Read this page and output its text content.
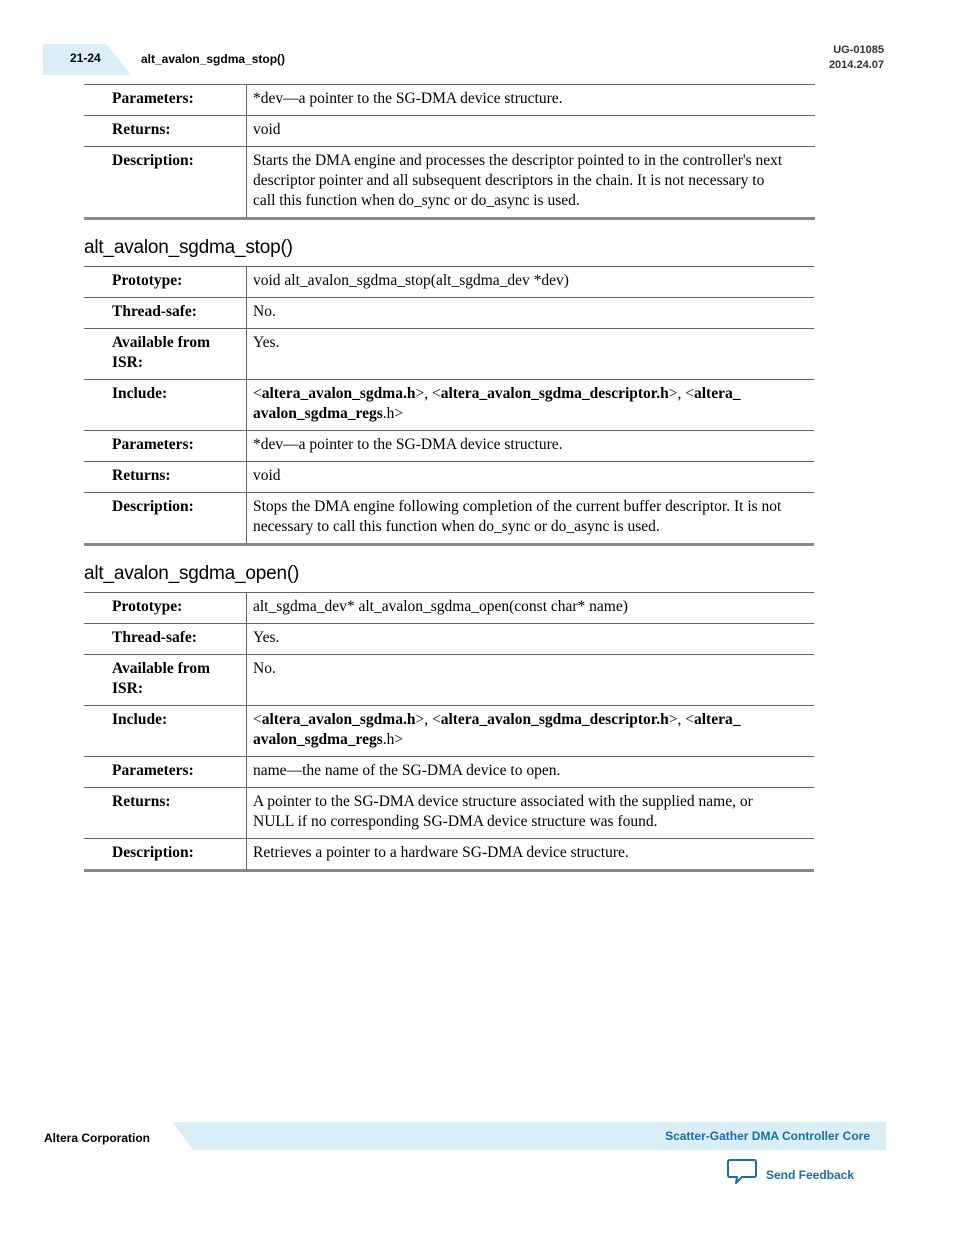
21-24	alt_avalon_sgdma_stop()
UG-01085
2014.24.07
Parameters:	*dev—a pointer to the SG-DMA device structure.
Returns:	void
Description:	Starts the DMA engine and processes the descriptor pointed to in the controller's next descriptor pointer and all subsequent descriptors in the chain. It is not necessary to call this function when do_sync or do_async is used.
alt_avalon_sgdma_stop()
Prototype:	void alt_avalon_sgdma_stop(alt_sgdma_dev *dev)
Thread-safe:	No.
Available from ISR:	Yes.
Include:	<altera_avalon_sgdma.h>, <altera_avalon_sgdma_descriptor.h>, <altera_ avalon_sgdma_regs.h>
Parameters:	*dev—a pointer to the SG-DMA device structure.
Returns:	void
Description:	Stops the DMA engine following completion of the current buffer descriptor. It is not necessary to call this function when do_sync or do_async is used.
alt_avalon_sgdma_open()
Prototype:	alt_sgdma_dev* alt_avalon_sgdma_open(const char* name)
Thread-safe:	Yes.
Available from ISR:	No.
Include:	<altera_avalon_sgdma.h>, <altera_avalon_sgdma_descriptor.h>, <altera_ avalon_sgdma_regs.h>
Parameters:	name—the name of the SG-DMA device to open.
Returns:	A pointer to the SG-DMA device structure associated with the supplied name, or NULL if no corresponding SG-DMA device structure was found.
Description:	Retrieves a pointer to a hardware SG-DMA device structure.
Altera Corporation	Scatter-Gather DMA Controller Core
Send Feedback
